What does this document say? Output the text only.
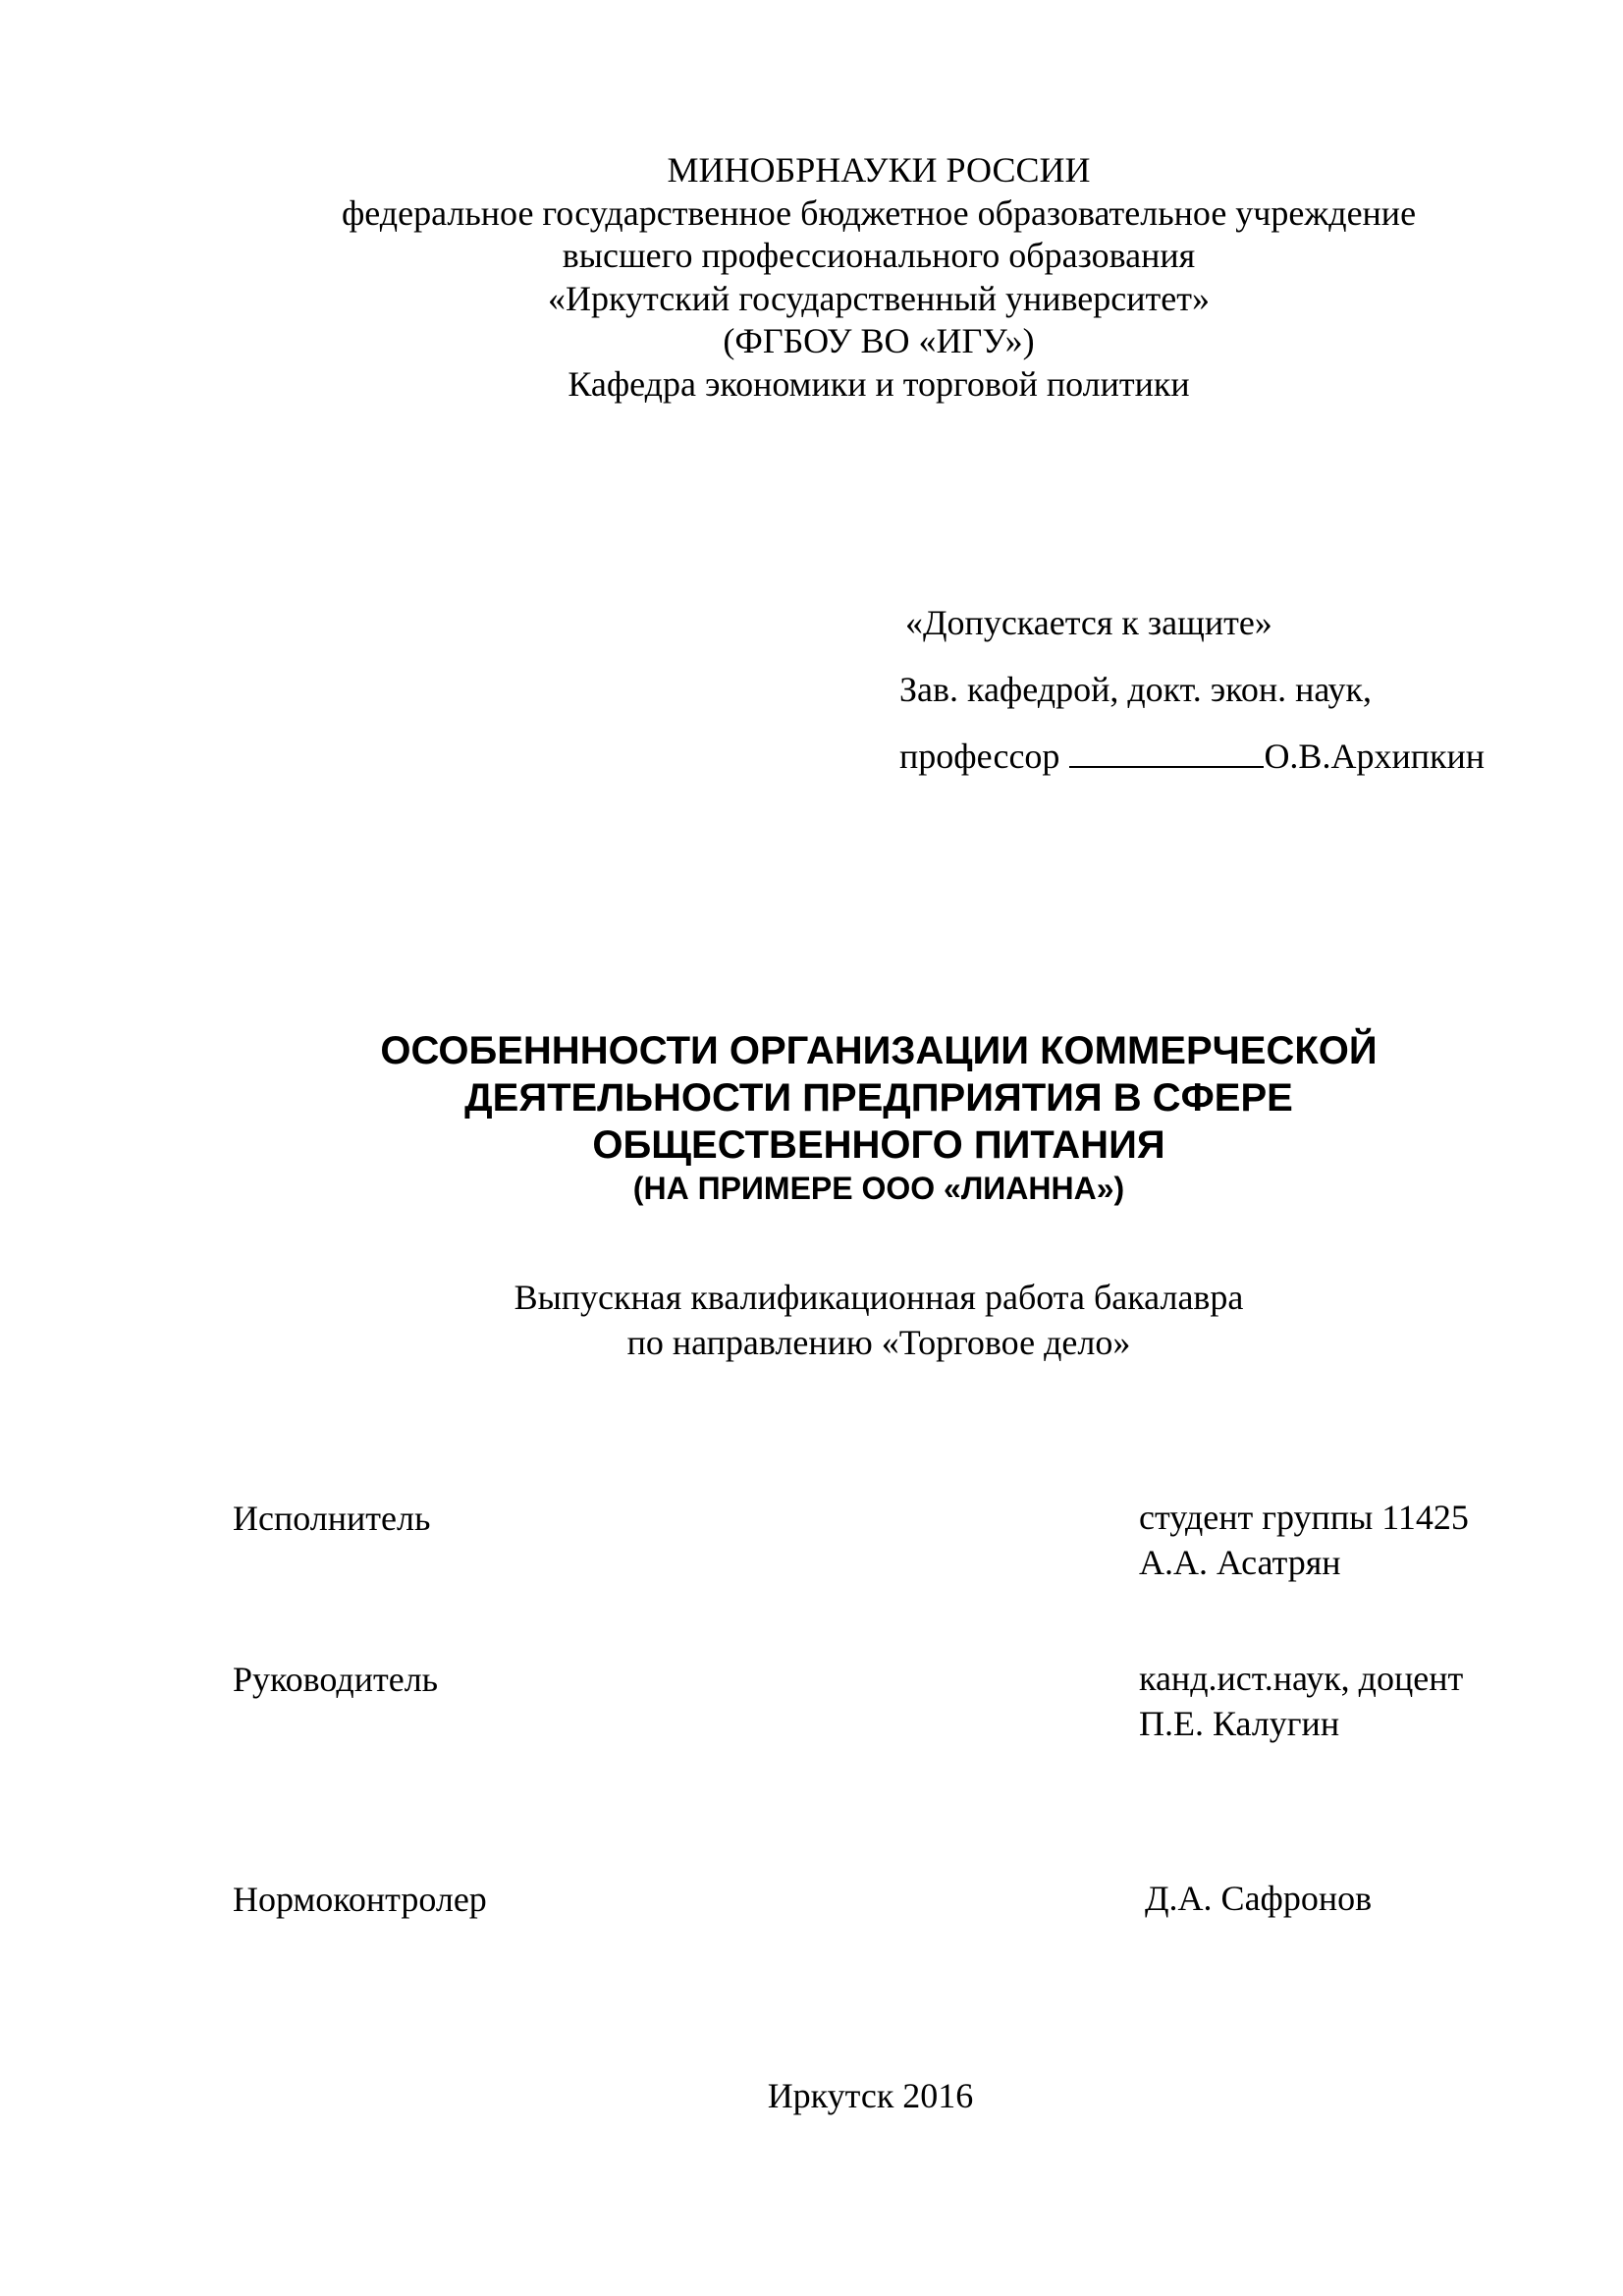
МИНОБРНАУКИ РОССИИ
федеральное государственное бюджетное образовательное учреждение
высшего профессионального образования
«Иркутский государственный университет»
(ФГБОУ ВО «ИГУ»)
Кафедра экономики и торговой политики
«Допускается к защите»
Зав. кафедрой, докт. экон. наук,
профессор	О.В.Архипкин
ОСОБЕНННОСТИ ОРГАНИЗАЦИИ КОММЕРЧЕСКОЙ
ДЕЯТЕЛЬНОСТИ ПРЕДПРИЯТИЯ В СФЕРЕ
ОБЩЕСТВЕННОГО ПИТАНИЯ
(НА ПРИМЕРЕ ООО «ЛИАННА»)
Выпускная квалификационная работа бакалавра
по направлению «Торговое дело»
Исполнитель	студент группы 11425
А.А. Асатрян
Руководитель	канд.ист.наук, доцент
П.Е. Калугин
Нормоконтролер	Д.А. Сафронов
Иркутск 2016
